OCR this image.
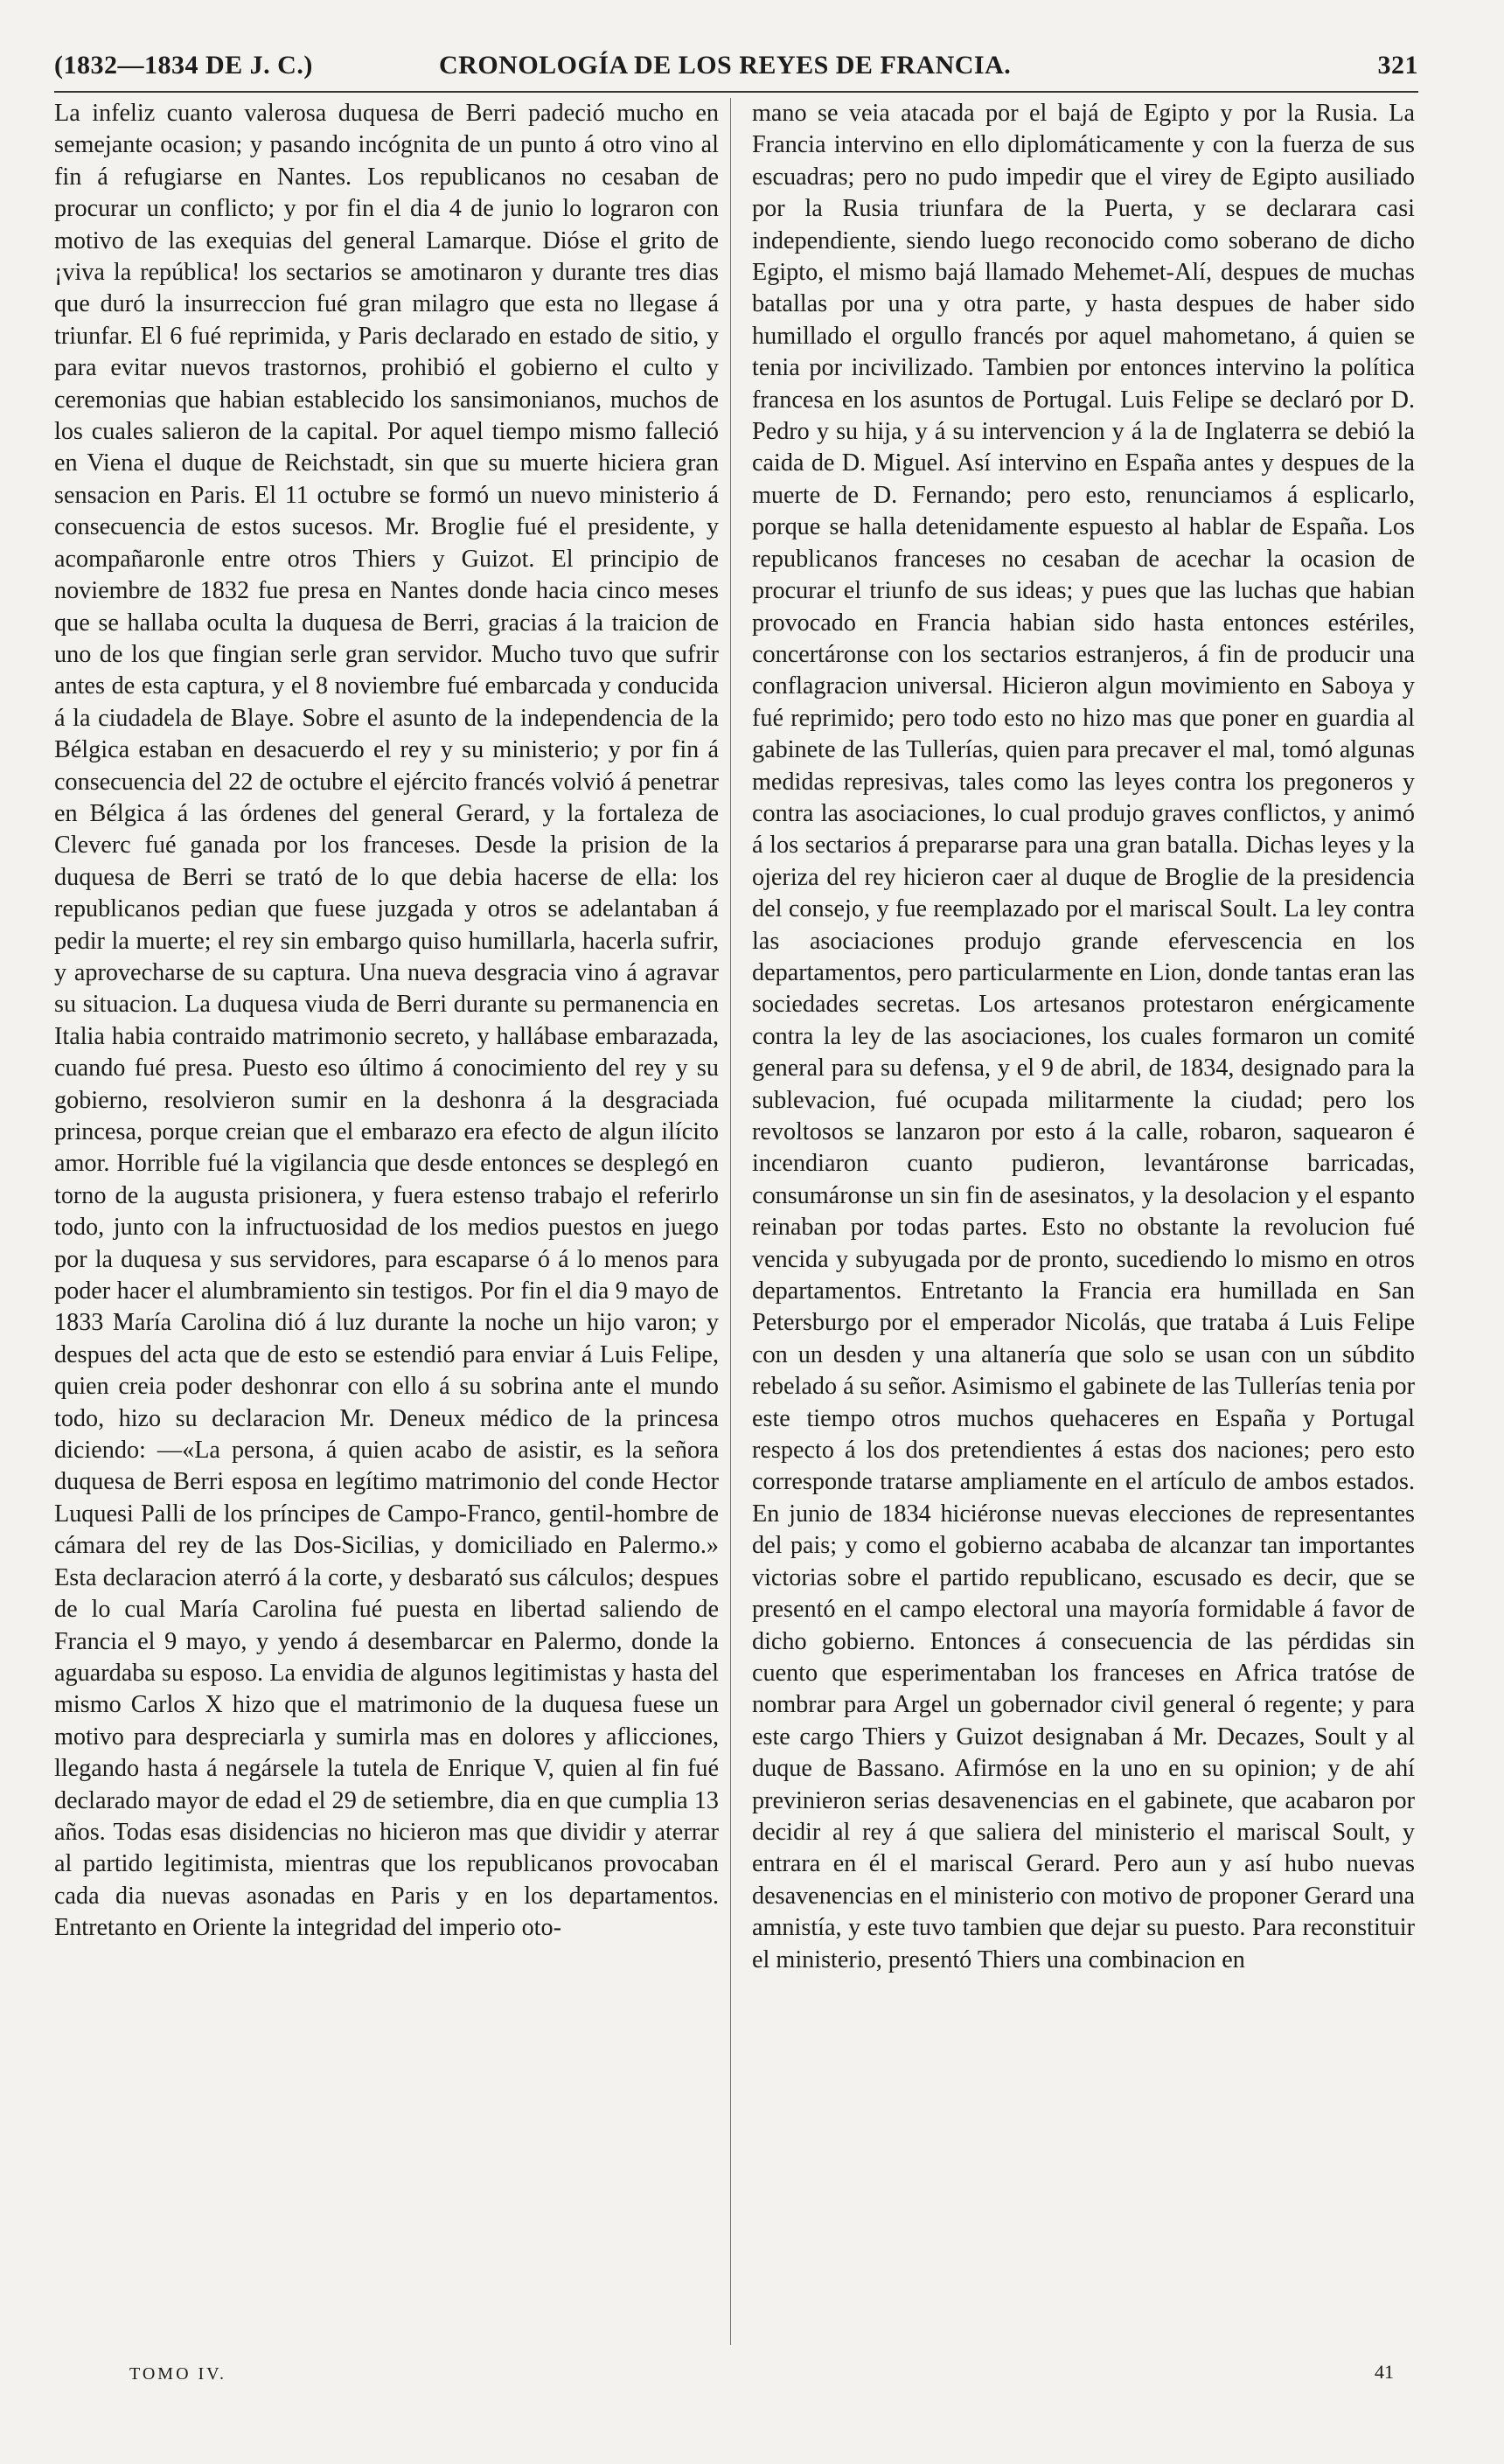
(1832—1834 DE J. C.)	CRONOLOGÍA DE LOS REYES DE FRANCIA.	321

La infeliz cuanto valerosa duquesa de Berri padeció mucho en semejante ocasion; y pasando incógnita de un punto á otro vino al fin á refugiarse en Nantes. Los republicanos no cesaban de procurar un conflicto; y por fin el dia 4 de junio lo lograron con motivo de las exequias del general Lamarque. Dióse el grito de ¡viva la república! los sectarios se amotinaron y durante tres dias que duró la insurreccion fué gran milagro que esta no llegase á triunfar. El 6 fué reprimida, y Paris declarado en estado de sitio, y para evitar nuevos trastornos, prohibió el gobierno el culto y ceremonias que habian establecido los sansimonianos, muchos de los cuales salieron de la capital. Por aquel tiempo mismo falleció en Viena el duque de Reichstadt, sin que su muerte hiciera gran sensacion en Paris. El 11 octubre se formó un nuevo ministerio á consecuencia de estos sucesos. Mr. Broglie fué el presidente, y acompañaronle entre otros Thiers y Guizot. El principio de noviembre de 1832 fue presa en Nantes donde hacia cinco meses que se hallaba oculta la duquesa de Berri, gracias á la traicion de uno de los que fingian serle gran servidor. Mucho tuvo que sufrir antes de esta captura, y el 8 noviembre fué embarcada y conducida á la ciudadela de Blaye. Sobre el asunto de la independencia de la Bélgica estaban en desacuerdo el rey y su ministerio; y por fin á consecuencia del 22 de octubre el ejército francés volvió á penetrar en Bélgica á las órdenes del general Gerard, y la fortaleza de Cleverc fué ganada por los franceses. Desde la prision de la duquesa de Berri se trató de lo que debia hacerse de ella: los republicanos pedian que fuese juzgada y otros se adelantaban á pedir la muerte; el rey sin embargo quiso humillarla, hacerla sufrir, y aprovecharse de su captura. Una nueva desgracia vino á agravar su situacion. La duquesa viuda de Berri durante su permanencia en Italia habia contraido matrimonio secreto, y hallábase embarazada, cuando fué presa. Puesto eso último á conocimiento del rey y su gobierno, resolvieron sumir en la deshonra á la desgraciada princesa, porque creian que el embarazo era efecto de algun ilícito amor. Horrible fué la vigilancia que desde entonces se desplegó en torno de la augusta prisionera, y fuera estenso trabajo el referirlo todo, junto con la infructuosidad de los medios puestos en juego por la duquesa y sus servidores, para escaparse ó á lo menos para poder hacer el alumbramiento sin testigos. Por fin el dia 9 mayo de 1833 María Carolina dió á luz durante la noche un hijo varon; y despues del acta que de esto se estendió para enviar á Luis Felipe, quien creia poder deshonrar con ello á su sobrina ante el mundo todo, hizo su declaracion Mr. Deneux médico de la princesa diciendo: —«La persona, á quien acabo de asistir, es la señora duquesa de Berri esposa en legítimo matrimonio del conde Hector Luquesi Palli de los príncipes de Campo-Franco, gentil-hombre de cámara del rey de las Dos-Sicilias, y domiciliado en Palermo.» Esta declaracion aterró á la corte, y desbarató sus cálculos; despues de lo cual María Carolina fué puesta en libertad saliendo de Francia el 9 mayo, y yendo á desembarcar en Palermo, donde la aguardaba su esposo. La envidia de algunos legitimistas y hasta del mismo Carlos X hizo que el matrimonio de la duquesa fuese un motivo para despreciarla y sumirla mas en dolores y aflicciones, llegando hasta á negársele la tutela de Enrique V, quien al fin fué declarado mayor de edad el 29 de setiembre, dia en que cumplia 13 años. Todas esas disidencias no hicieron mas que dividir y aterrar al partido legitimista, mientras que los republicanos provocaban cada dia nuevas asonadas en Paris y en los departamentos. Entretanto en Oriente la integridad del imperio oto-

mano se veia atacada por el bajá de Egipto y por la Rusia. La Francia intervino en ello diplomáticamente y con la fuerza de sus escuadras; pero no pudo impedir que el virey de Egipto ausiliado por la Rusia triunfara de la Puerta, y se declarara casi independiente, siendo luego reconocido como soberano de dicho Egipto, el mismo bajá llamado Mehemet-Alí, despues de muchas batallas por una y otra parte, y hasta despues de haber sido humillado el orgullo francés por aquel mahometano, á quien se tenia por incivilizado. Tambien por entonces intervino la política francesa en los asuntos de Portugal. Luis Felipe se declaró por D. Pedro y su hija, y á su intervencion y á la de Inglaterra se debió la caida de D. Miguel. Así intervino en España antes y despues de la muerte de D. Fernando; pero esto, renunciamos á esplicarlo, porque se halla detenidamente espuesto al hablar de España. Los republicanos franceses no cesaban de acechar la ocasion de procurar el triunfo de sus ideas; y pues que las luchas que habian provocado en Francia habian sido hasta entonces estériles, concertáronse con los sectarios estranjeros, á fin de producir una conflagracion universal. Hicieron algun movimiento en Saboya y fué reprimido; pero todo esto no hizo mas que poner en guardia al gabinete de las Tullerías, quien para precaver el mal, tomó algunas medidas represivas, tales como las leyes contra los pregoneros y contra las asociaciones, lo cual produjo graves conflictos, y animó á los sectarios á prepararse para una gran batalla. Dichas leyes y la ojeriza del rey hicieron caer al duque de Broglie de la presidencia del consejo, y fue reemplazado por el mariscal Soult. La ley contra las asociaciones produjo grande efervescencia en los departamentos, pero particularmente en Lion, donde tantas eran las sociedades secretas. Los artesanos protestaron enérgicamente contra la ley de las asociaciones, los cuales formaron un comité general para su defensa, y el 9 de abril, de 1834, designado para la sublevacion, fué ocupada militarmente la ciudad; pero los revoltosos se lanzaron por esto á la calle, robaron, saquearon é incendiaron cuanto pudieron, levantáronse barricadas, consumáronse un sin fin de asesinatos, y la desolacion y el espanto reinaban por todas partes. Esto no obstante la revolucion fué vencida y subyugada por de pronto, sucediendo lo mismo en otros departamentos. Entretanto la Francia era humillada en San Petersburgo por el emperador Nicolás, que trataba á Luis Felipe con un desden y una altanería que solo se usan con un súbdito rebelado á su señor. Asimismo el gabinete de las Tullerías tenia por este tiempo otros muchos quehaceres en España y Portugal respecto á los dos pretendientes á estas dos naciones; pero esto corresponde tratarse ampliamente en el artículo de ambos estados. En junio de 1834 hiciéronse nuevas elecciones de representantes del pais; y como el gobierno acababa de alcanzar tan importantes victorias sobre el partido republicano, escusado es decir, que se presentó en el campo electoral una mayoría formidable á favor de dicho gobierno. Entonces á consecuencia de las pérdidas sin cuento que esperimentaban los franceses en Africa tratóse de nombrar para Argel un gobernador civil general ó regente; y para este cargo Thiers y Guizot designaban á Mr. Decazes, Soult y al duque de Bassano. Afirmóse en la uno en su opinion; y de ahí previnieron serias desavenencias en el gabinete, que acabaron por decidir al rey á que saliera del ministerio el mariscal Soult, y entrara en él el mariscal Gerard. Pero aun y así hubo nuevas desavenencias en el ministerio con motivo de proponer Gerard una amnistía, y este tuvo tambien que dejar su puesto. Para reconstituir el ministerio, presentó Thiers una combinacion en

TOMO IV.	41
